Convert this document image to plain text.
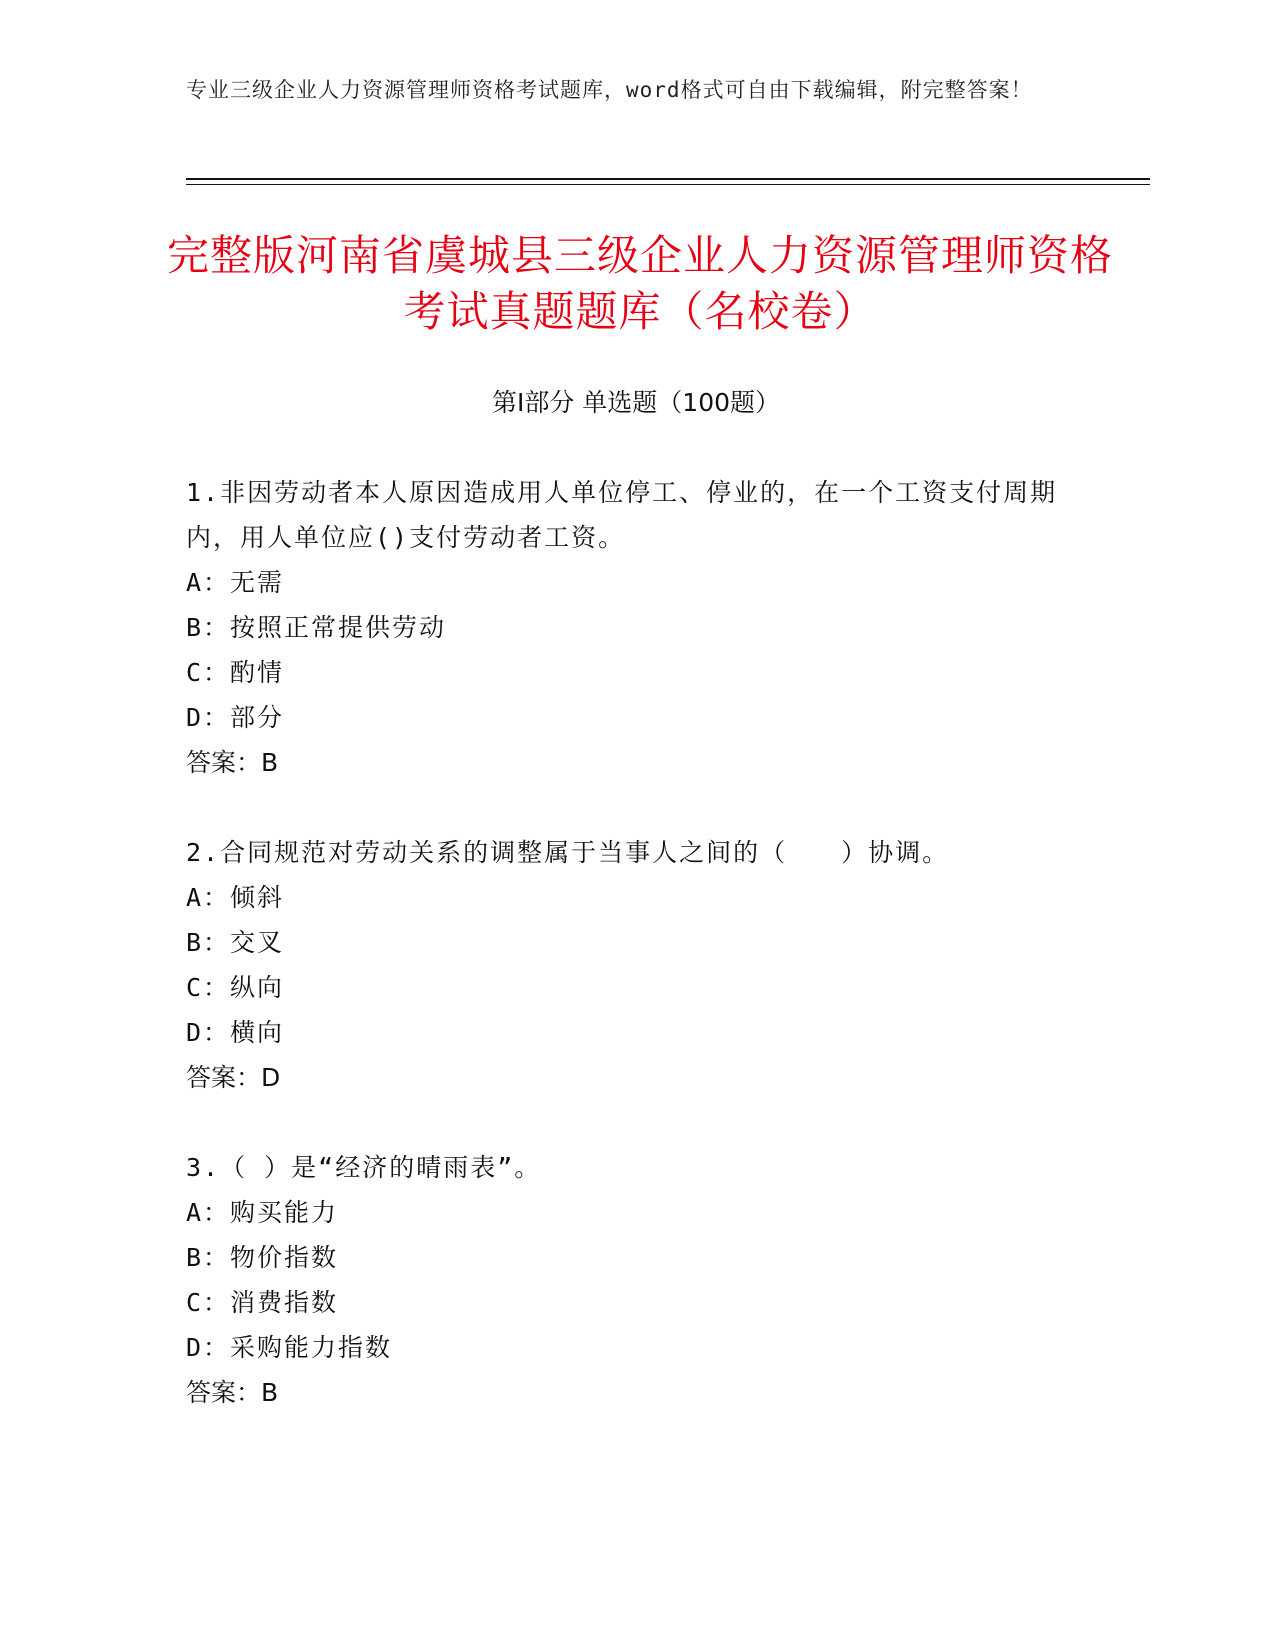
专业三级企业人力资源管理师资格考试题库，word格式可自由下载编辑，附完整答案！
完整版河南省虞城县三级企业人力资源管理师资格考试真题题库（名校卷）
第I部分 单选题（100题）
1.非因劳动者本人原因造成用人单位停工、停业的，在一个工资支付周期内，用人单位应()支付劳动者工资。
A：无需
B：按照正常提供劳动
C：酌情
D：部分
答案：B
2.合同规范对劳动关系的调整属于当事人之间的（　　）协调。
A：倾斜
B：交叉
C：纵向
D：横向
答案：D
3.（ ）是“经济的晴雨表”。
A：购买能力
B：物价指数
C：消费指数
D：采购能力指数
答案：B
